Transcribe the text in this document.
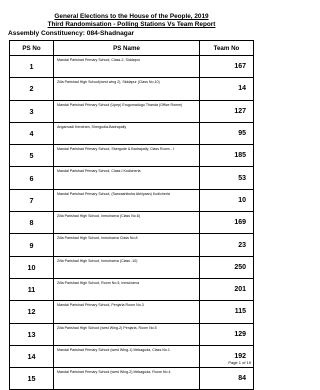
General Elections to the House of the People, 2019
Third Randomisation - Polling Stations Vs Team Report
Assembly Constituency: 084-Shadnagar
PS No	PS Name	Team No
1	Mandal Parishad Primary School, Class-2, Siddapur	167
2	Zilla Parishad High School(west wing 2), Siddapur (Class No.10)	14
3	Mandal Parishad Primary School (Upep) Erugumadugu Thanda (Office Romm)	127
4	Anganvadi Kendram, Shergudia-Badrapally	95
5	Mandal Parishad Primary School, Shergude & Badrapally, Class Room - I	185
6	Mandal Parishad Primary School, Class-I Kodicherla	53
7	Mandal Parishad Primary School, (Sarwashiksha Abhiyaan) Kodicherla	10
8	Zilla Parishad High School, Inmulnarva (Class No.6)	169
9	Zilla Parishad High School, Inmulnarva Class No.8	23
10	Zilla Parishad High School, Inmulnarva (Class -10)	250
11	Zilla Parishad High School, Room No.5, Inmulnarva	201
12	Mandal Parishad Primary School, Penjarla Room No.3	115
13	Zilla Parishad High School (west Wing-2) Penjarla, Room No.5	129
14	Mandal Parishad Primary School (west Wing-1) Mekaguda, Class No.1	192
15	Mandal Parishad Primary School (west Wing-2) Mekaguda, Room No.4	84
Page 1 of 19
